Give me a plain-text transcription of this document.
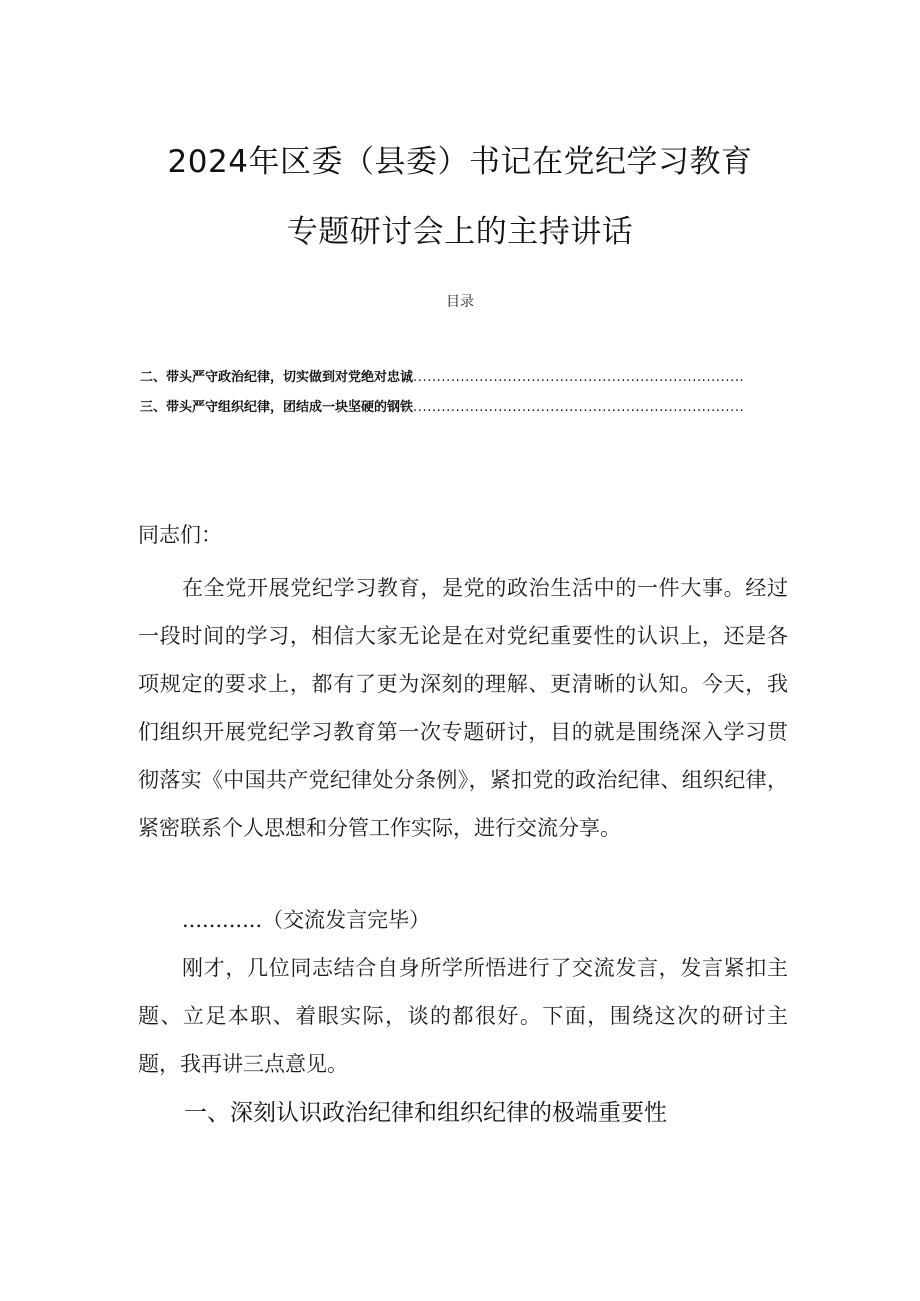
2024年区委（县委）书记在党纪学习教育
专题研讨会上的主持讲话
目录
二、带头严守政治纪律，切实做到对党绝对忠诚......................................................................
三、带头严守组织纪律，团结成一块坚硬的钢铁......................................................................
同志们：
在全党开展党纪学习教育，是党的政治生活中的一件大事。经过一段时间的学习，相信大家无论是在对党纪重要性的认识上，还是各项规定的要求上，都有了更为深刻的理解、更清晰的认知。今天，我们组织开展党纪学习教育第一次专题研讨，目的就是围绕深入学习贯彻落实《中国共产党纪律处分条例》，紧扣党的政治纪律、组织纪律，紧密联系个人思想和分管工作实际，进行交流分享。
............（交流发言完毕）
刚才，几位同志结合自身所学所悟进行了交流发言，发言紧扣主题、立足本职、着眼实际，谈的都很好。下面，围绕这次的研讨主题，我再讲三点意见。
一、深刻认识政治纪律和组织纪律的极端重要性
